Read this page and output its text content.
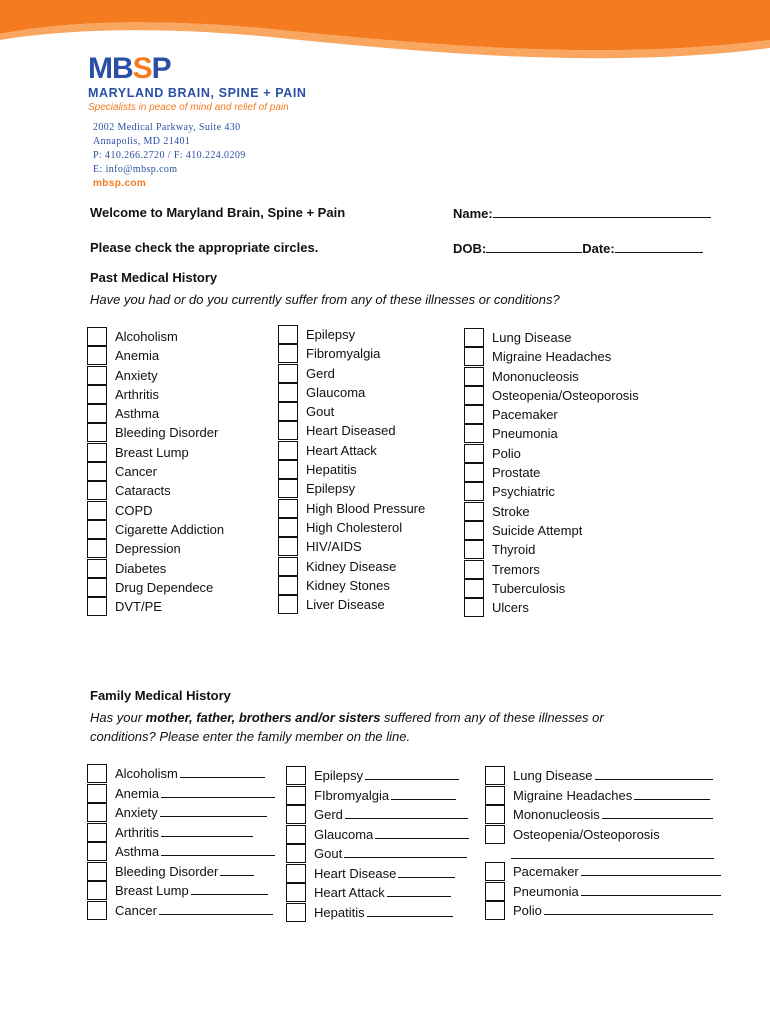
MBSP
MARYLAND BRAIN, SPINE + PAIN
Specialists in peace of mind and relief of pain
2002 Medical Parkway, Suite 430
Annapolis, MD 21401
P: 410.266.2720 / F: 410.224.0209
E: info@mbsp.com
mbsp.com
Welcome to Maryland Brain, Spine + Pain	Name:
Please check the appropriate circles.	DOB:	Date:
Past Medical History
Have you had or do you currently suffer from any of these illnesses or conditions?
Alcoholism
Anemia
Anxiety
Arthritis
Asthma
Bleeding Disorder
Breast Lump
Cancer
Cataracts
COPD
Cigarette Addiction
Depression
Diabetes
Drug Dependece
DVT/PE
Epilepsy
Fibromyalgia
Gerd
Glaucoma
Gout
Heart Diseased
Heart Attack
Hepatitis
Epilepsy
High Blood Pressure
High Cholesterol
HIV/AIDS
Kidney Disease
Kidney Stones
Liver Disease
Lung Disease
Migraine Headaches
Mononucleosis
Osteopenia/Osteoporosis
Pacemaker
Pneumonia
Polio
Prostate
Psychiatric
Stroke
Suicide Attempt
Thyroid
Tremors
Tuberculosis
Ulcers
Family Medical History
Has your mother, father, brothers and/or sisters suffered from any of these illnesses or
conditions? Please enter the family member on the line.
Alcoholism
Anemia
Anxiety
Arthritis
Asthma
Bleeding Disorder
Breast Lump
Cancer
Epilepsy
FIbromyalgia
Gerd
Glaucoma
Gout
Heart Disease
Heart Attack
Hepatitis
Lung Disease
Migraine Headaches
Mononucleosis
Osteopenia/Osteoporosis
Pacemaker
Pneumonia
Polio
